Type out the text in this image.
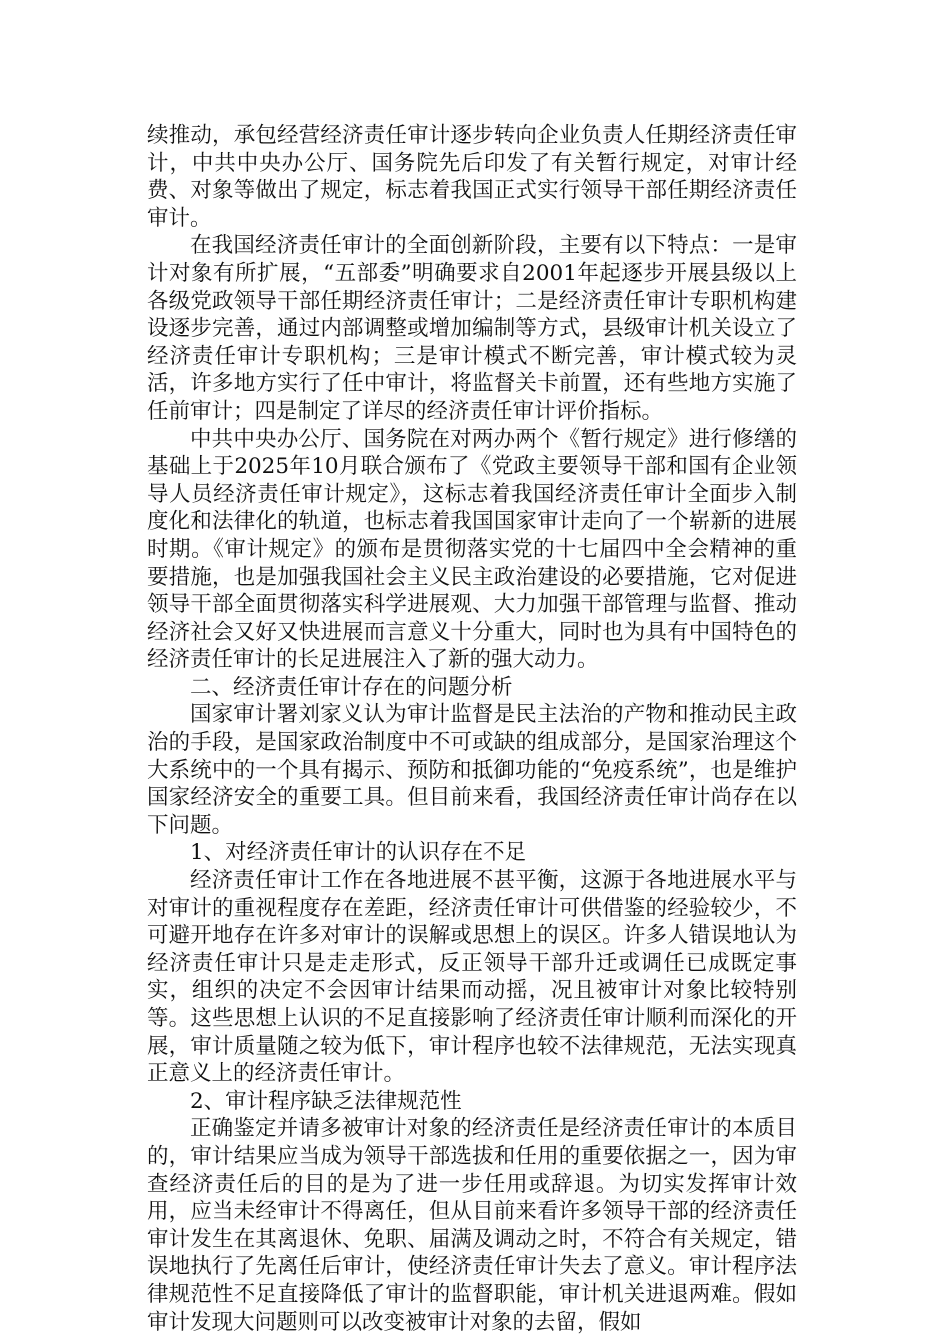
续推动，承包经营经济责任审计逐步转向企业负责人任期经济责任审计，中共中央办公厅、国务院先后印发了有关暂行规定，对审计经费、对象等做出了规定，标志着我国正式实行领导干部任期经济责任审计。

在我国经济责任审计的全面创新阶段，主要有以下特点：一是审计对象有所扩展，“五部委”明确要求自2001年起逐步开展县级以上各级党政领导干部任期经济责任审计；二是经济责任审计专职机构建设逐步完善，通过内部调整或增加编制等方式，县级审计机关设立了经济责任审计专职机构；三是审计模式不断完善，审计模式较为灵活，许多地方实行了任中审计，将监督关卡前置，还有些地方实施了任前审计；四是制定了详尽的经济责任审计评价指标。

中共中央办公厅、国务院在对两办两个《暂行规定》进行修缮的基础上于2025年10月联合颁布了《党政主要领导干部和国有企业领导人员经济责任审计规定》，这标志着我国经济责任审计全面步入制度化和法律化的轨道，也标志着我国国家审计走向了一个崭新的进展时期。《审计规定》的颁布是贯彻落实党的十七届四中全会精神的重要措施，也是加强我国社会主义民主政治建设的必要措施，它对促进领导干部全面贯彻落实科学进展观、大力加强干部管理与监督、推动经济社会又好又快进展而言意义十分重大，同时也为具有中国特色的经济责任审计的长足进展注入了新的强大动力。

二、经济责任审计存在的问题分析

国家审计署刘家义认为审计监督是民主法治的产物和推动民主政治的手段，是国家政治制度中不可或缺的组成部分，是国家治理这个大系统中的一个具有揭示、预防和抵御功能的“免疫系统”，也是维护国家经济安全的重要工具。但目前来看，我国经济责任审计尚存在以下问题。

1、对经济责任审计的认识存在不足

经济责任审计工作在各地进展不甚平衡，这源于各地进展水平与对审计的重视程度存在差距，经济责任审计可供借鉴的经验较少，不可避开地存在许多对审计的误解或思想上的误区。许多人错误地认为经济责任审计只是走走形式，反正领导干部升迁或调任已成既定事实，组织的决定不会因审计结果而动摇，况且被审计对象比较特别等。这些思想上认识的不足直接影响了经济责任审计顺利而深化的开展，审计质量随之较为低下，审计程序也较不法律规范，无法实现真正意义上的经济责任审计。

2、审计程序缺乏法律规范性

正确鉴定并请多被审计对象的经济责任是经济责任审计的本质目的，审计结果应当成为领导干部选拔和任用的重要依据之一，因为审查经济责任后的目的是为了进一步任用或辞退。为切实发挥审计效用，应当未经审计不得离任，但从目前来看许多领导干部的经济责任审计发生在其离退休、免职、届满及调动之时，不符合有关规定，错误地执行了先离任后审计，使经济责任审计失去了意义。审计程序法律规范性不足直接降低了审计的监督职能，审计机关进退两难。假如审计发现大问题则可以改变被审计对象的去留，假如
